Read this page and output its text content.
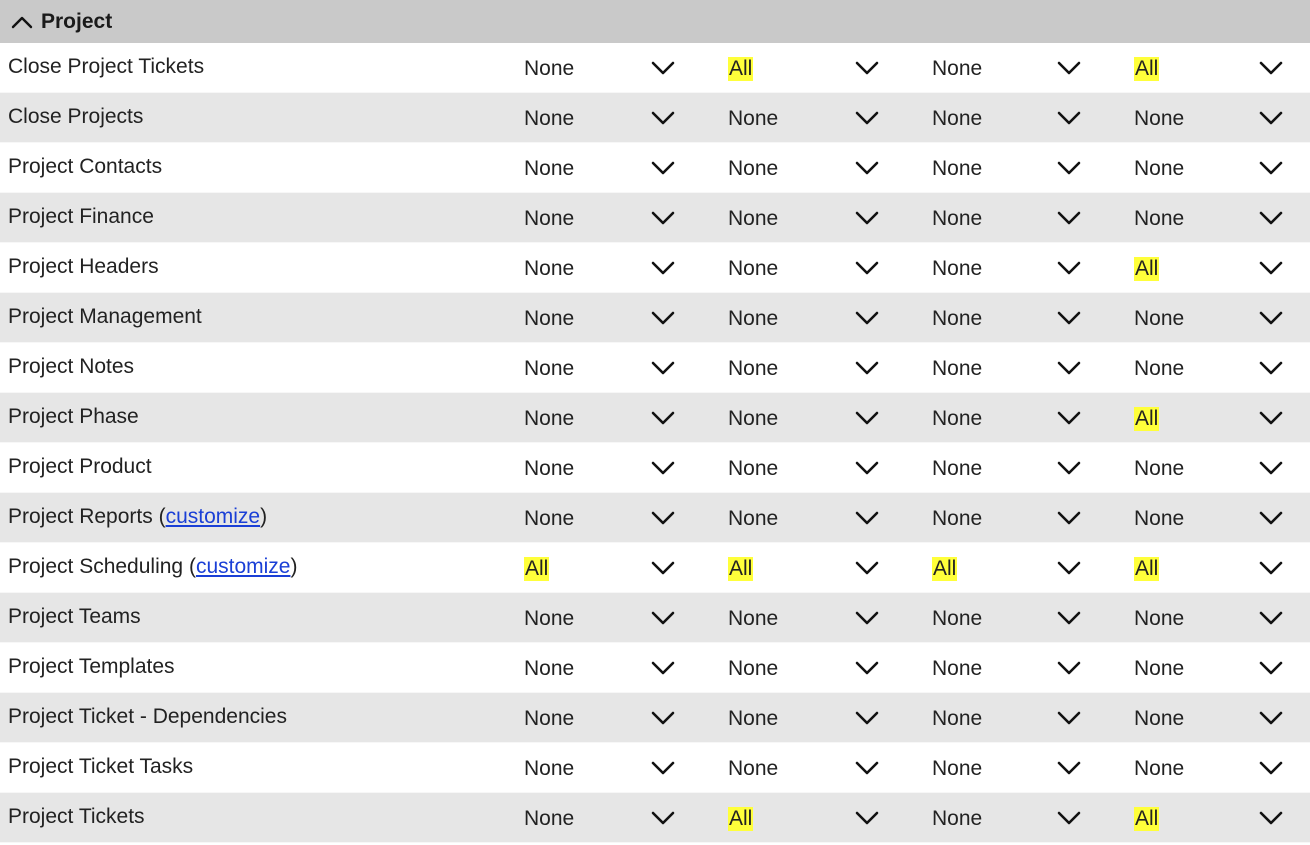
Project
Close Project Tickets	None	All	None	All
Close Projects	None	None	None	None
Project Contacts	None	None	None	None
Project Finance	None	None	None	None
Project Headers	None	None	None	All
Project Management	None	None	None	None
Project Notes	None	None	None	None
Project Phase	None	None	None	All
Project Product	None	None	None	None
Project Reports (customize)	None	None	None	None
Project Scheduling (customize)	All	All	All	All
Project Teams	None	None	None	None
Project Templates	None	None	None	None
Project Ticket - Dependencies	None	None	None	None
Project Ticket Tasks	None	None	None	None
Project Tickets	None	All	None	All
